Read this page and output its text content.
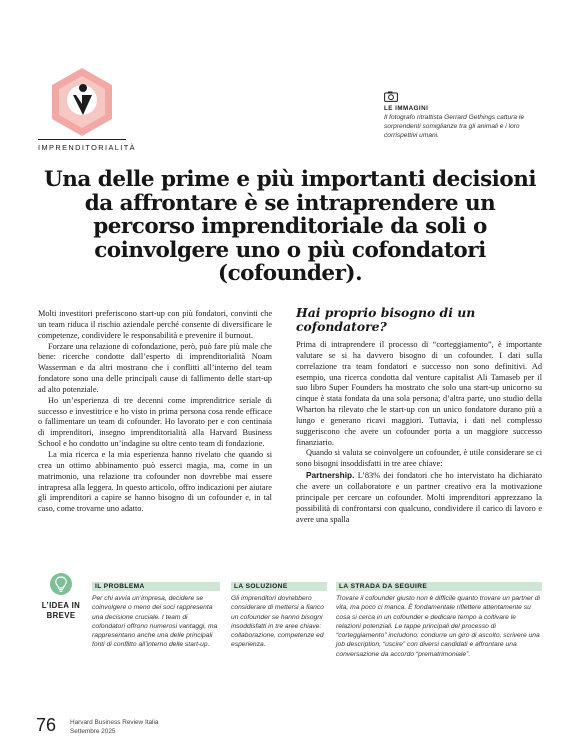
IMPRENDITORIALITÀ
LE IMMAGINI
Il fotografo ritrattista Gerrard Gethings cattura le sorprendenti somiglianze tra gli animali e i loro corrispettivi umani.
Una delle prime e più importanti decisioni da affrontare è se intraprendere un percorso imprenditoriale da soli o coinvolgere uno o più cofondatori (cofounder).

Molti investitori preferiscono start-up con più fondatori, convinti che un team riduca il rischio aziendale perché consente di diversificare le competenze, condividere le responsabilità e prevenire il burnout.

Forzare una relazione di cofondazione, però, può fare più male che bene: ricerche condotte dall’esperto di imprenditorialità Noam Wasserman e da altri mostrano che i conflitti all’interno del team fondatore sono una delle principali cause di fallimento delle start-up ad alto potenziale.

Ho un’esperienza di tre decenni come imprenditrice seriale di successo e investitrice e ho visto in prima persona cosa rende efficace o fallimentare un team di cofounder. Ho lavorato per e con centinaia di imprenditori, insegno imprenditorialità alla Harvard Business School e ho condotto un’indagine su oltre cento team di fondazione.

La mia ricerca e la mia esperienza hanno rivelato che quando si crea un ottimo abbinamento può esserci magia, ma, come in un matrimonio, una relazione tra cofounder non dovrebbe mai essere intrapresa alla leggera. In questo articolo, offro indicazioni per aiutare gli imprenditori a capire se hanno bisogno di un cofounder e, in tal caso, come trovarne uno adatto.

Hai proprio bisogno di un cofondatore?

Prima di intraprendere il processo di “corteggiamento”, è importante valutare se si ha davvero bisogno di un cofounder. I dati sulla correlazione tra team fondatori e successo non sono definitivi. Ad esempio, una ricerca condotta dal venture capitalist Ali Tamaseb per il suo libro Super Founders ha mostrato che solo una start-up unicorno su cinque è stata fondata da una sola persona; d’altra parte, uno studio della Wharton ha rilevato che le start-up con un unico fondatore durano più a lungo e generano ricavi maggiori. Tuttavia, i dati nel complesso suggeriscono che avere un cofounder porta a un maggiore successo finanziario.

Quando si valuta se coinvolgere un cofounder, è utile considerare se ci sono bisogni insoddisfatti in tre aree chiave:

Partnership. L’83% dei fondatori che ho intervistato ha dichiarato che avere un collaboratore e un partner creativo era la motivazione principale per cercare un cofounder. Molti imprenditori apprezzano la possibilità di confrontarsi con qualcuno, condividere il carico di lavoro e avere una spalla

L’IDEA IN BREVE
IL PROBLEMA
Per chi avvia un’impresa, decidere se coinvolgere o meno dei soci rappresenta una decisione cruciale. I team di cofondatori offrono numerosi vantaggi, ma rappresentano anche una delle principali fonti di conflitto all’interno delle start-up.
LA SOLUZIONE
Gli imprenditori dovrebbero considerare di mettersi a fianco un cofounder se hanno bisogni insoddisfatti in tre aree chiave: collaborazione, competenze ed esperienza.
LA STRADA DA SEGUIRE
Trovare il cofounder giusto non è difficile quanto trovare un partner di vita, ma poco ci manca. È fondamentale riflettere attentamente su cosa si cerca in un cofounder e dedicare tempo a coltivare le relazioni potenziali. Le tappe principali del processo di “corteggiamento” includono: condurre un giro di ascolto, scrivere una job description, “uscire” con diversi candidati e affrontare una conversazione da accordo “prematrimoniale”.
76 Harvard Business Review Italia
Settembre 2025
